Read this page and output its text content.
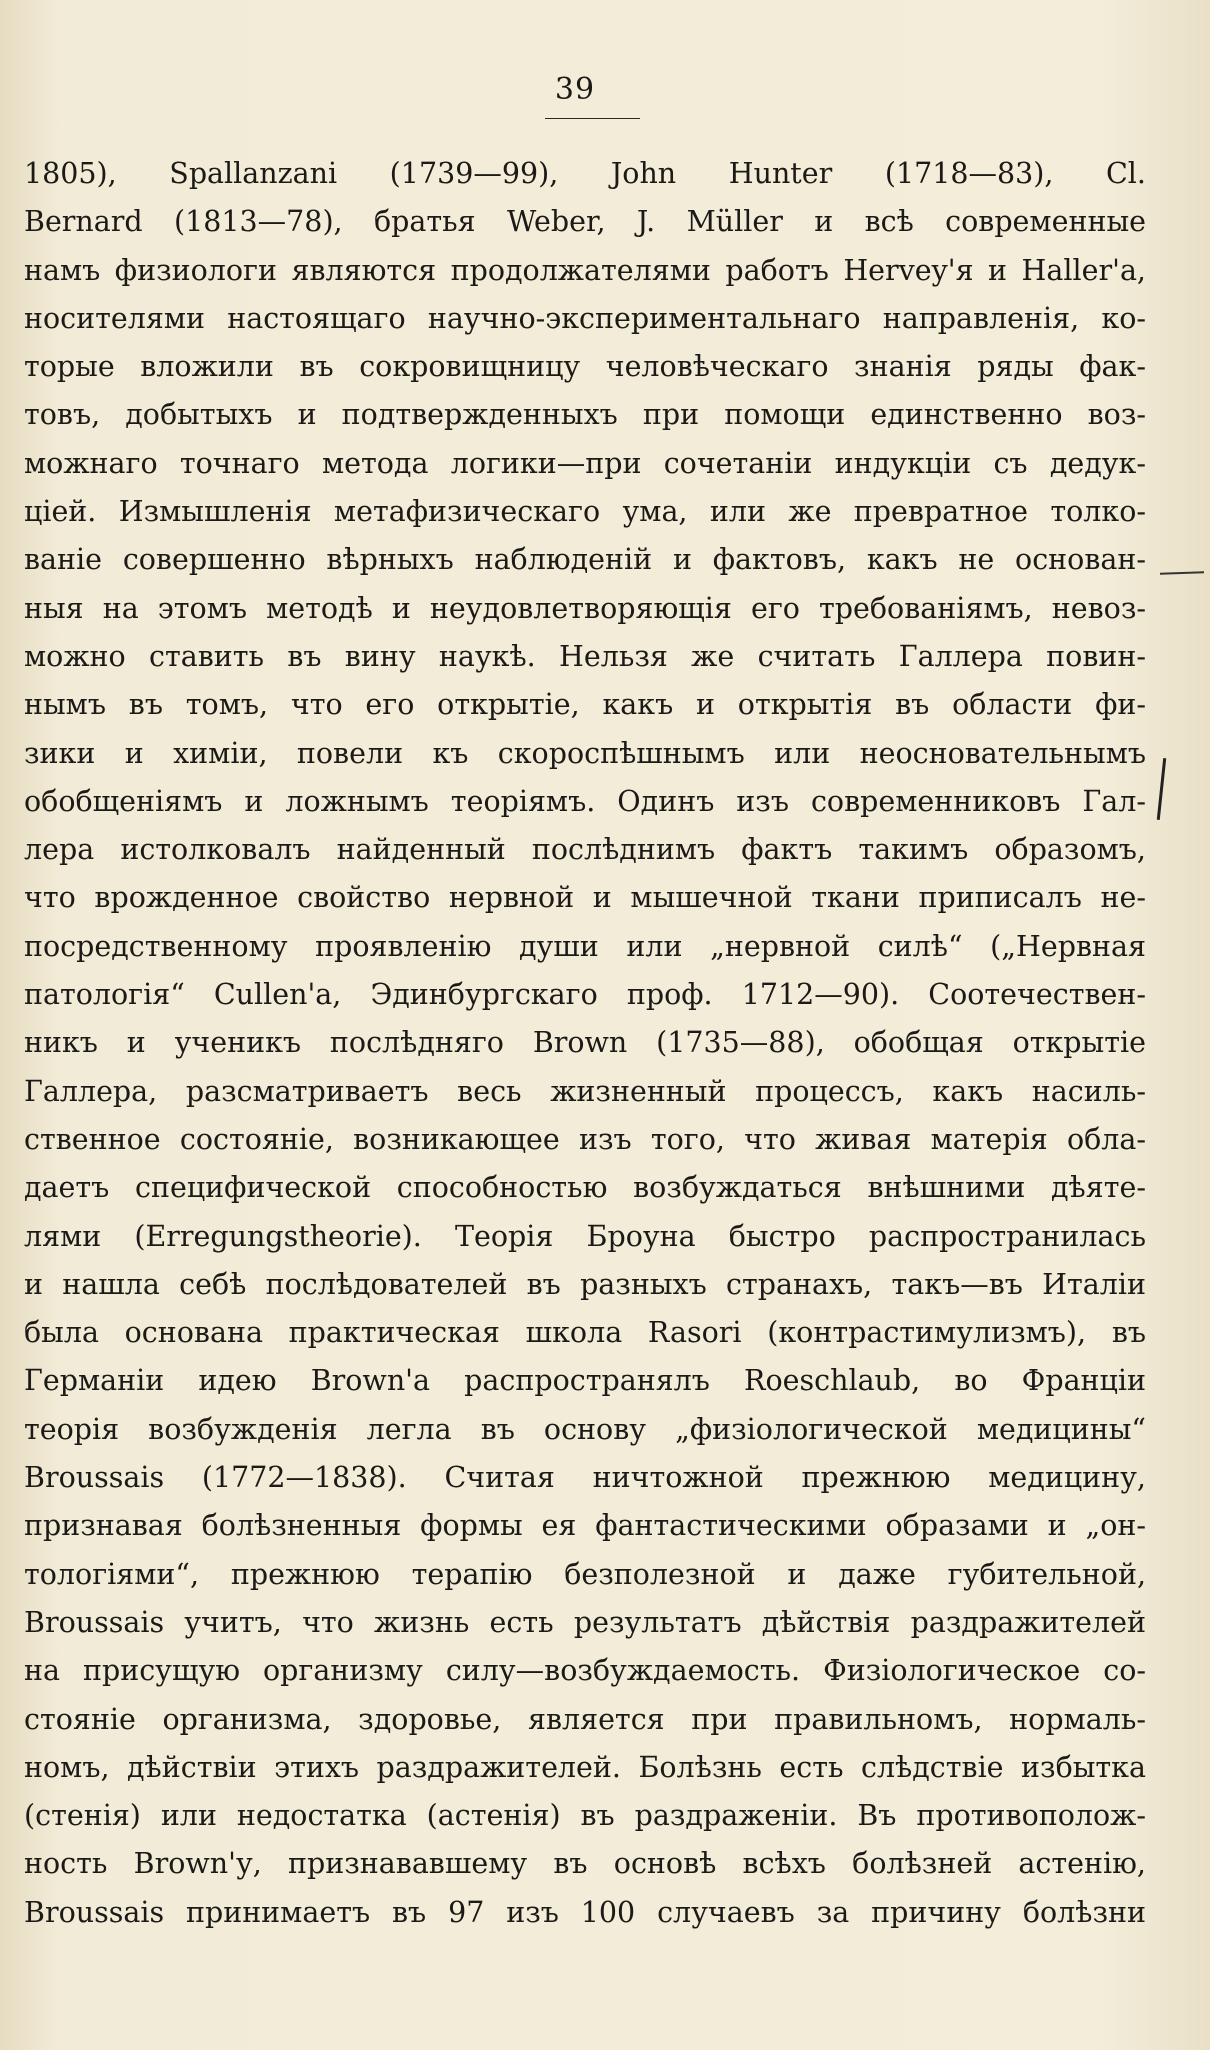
39
1805), Spallanzani (1739—99), John Hunter (1718—83), Cl.
Bernard (1813—78), братья Weber, J. Müller и всѣ современные
намъ физиологи являются продолжателями работъ Hervey'я и Haller'а,
носителями настоящаго научно-экспериментальнаго направленія, ко-
торые вложили въ сокровищницу человѣческаго знанія ряды фак-
товъ, добытыхъ и подтвержденныхъ при помощи единственно воз-
можнаго точнаго метода логики—при сочетаніи индукціи съ дедук-
ціей. Измышленія метафизическаго ума, или же превратное толко-
ваніе совершенно вѣрныхъ наблюденій и фактовъ, какъ не основан-
ныя на этомъ методѣ и неудовлетворяющія его требованіямъ, невоз-
можно ставить въ вину наукѣ. Нельзя же считать Галлера повин-
нымъ въ томъ, что его открытіе, какъ и открытія въ области фи-
зики и химіи, повели къ скороспѣшнымъ или неосновательнымъ
обобщеніямъ и ложнымъ теоріямъ. Одинъ изъ современниковъ Гал-
лера истолковалъ найденный послѣднимъ фактъ такимъ образомъ,
что врожденное свойство нервной и мышечной ткани приписалъ не-
посредственному проявленію души или „нервной силѣ“ („Нервная
патологія“ Cullen'а, Эдинбургскаго проф. 1712—90). Соотечествен-
никъ и ученикъ послѣдняго Brown (1735—88), обобщая открытіе
Галлера, разсматриваетъ весь жизненный процессъ, какъ насиль-
ственное состояніе, возникающее изъ того, что живая матерія обла-
даетъ специфической способностью возбуждаться внѣшними дѣяте-
лями (Erregungstheorie). Теорія Броуна быстро распространилась
и нашла себѣ послѣдователей въ разныхъ странахъ, такъ—въ Италіи
была основана практическая школа Rasori (контрастимулизмъ), въ
Германіи идею Brown'а распространялъ Roeschlaub, во Франціи
теорія возбужденія легла въ основу „физіологической медицины“
Broussais (1772—1838). Считая ничтожной прежнюю медицину,
признавая болѣзненныя формы ея фантастическими образами и „он-
тологіями“, прежнюю терапію безполезной и даже губительной,
Broussais учитъ, что жизнь есть результатъ дѣйствія раздражителей
на присущую организму силу—возбуждаемость. Физіологическое со-
стояніе организма, здоровье, является при правильномъ, нормаль-
номъ, дѣйствіи этихъ раздражителей. Болѣзнь есть слѣдствіе избытка
(стенія) или недостатка (астенія) въ раздраженіи. Въ противополож-
ность Brown'у, признававшему въ основѣ всѣхъ болѣзней астенію,
Broussais принимаетъ въ 97 изъ 100 случаевъ за причину болѣзни
